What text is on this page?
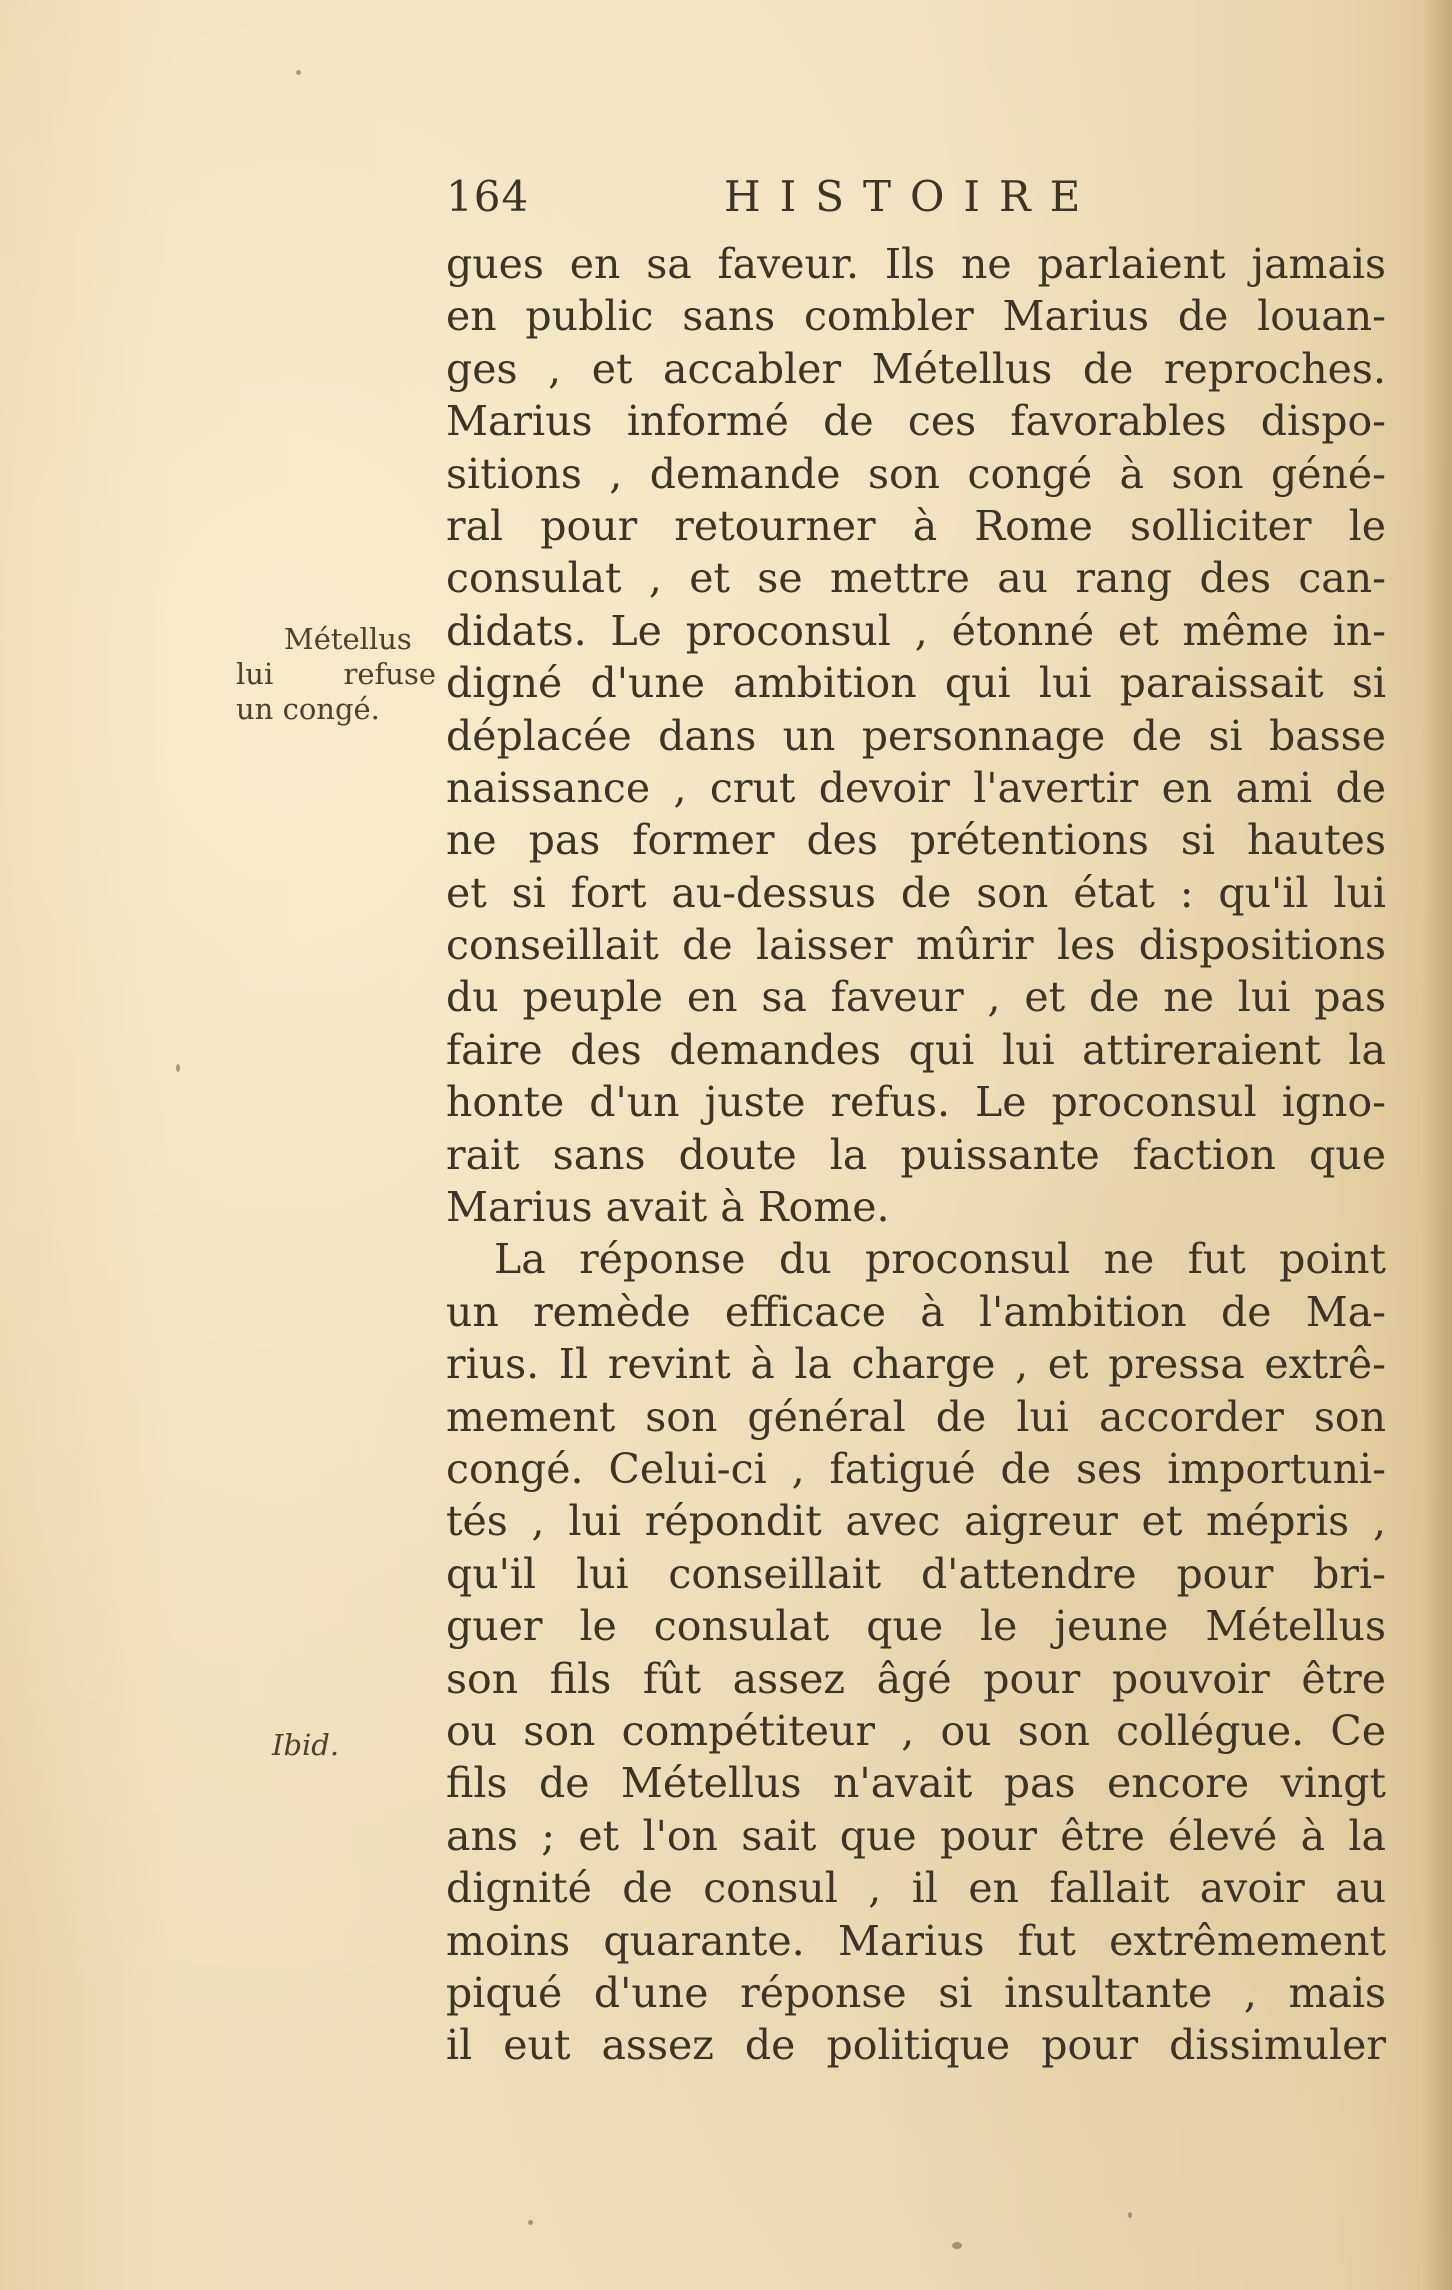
164	HISTOIRE
Métellus
lui refuse
un congé.
Ibid.
gues en sa faveur. Ils ne parlaient jamais
en public sans combler Marius de louan-
ges , et accabler Métellus de reproches.
Marius informé de ces favorables dispo-
sitions , demande son congé à son géné-
ral pour retourner à Rome solliciter le
consulat , et se mettre au rang des can-
didats. Le proconsul , étonné et même in-
digné d'une ambition qui lui paraissait si
déplacée dans un personnage de si basse
naissance , crut devoir l'avertir en ami de
ne pas former des prétentions si hautes
et si fort au-dessus de son état : qu'il lui
conseillait de laisser mûrir les dispositions
du peuple en sa faveur , et de ne lui pas
faire des demandes qui lui attireraient la
honte d'un juste refus. Le proconsul igno-
rait sans doute la puissante faction que
Marius avait à Rome.
La réponse du proconsul ne fut point
un remède efficace à l'ambition de Ma-
rius. Il revint à la charge , et pressa extrê-
mement son général de lui accorder son
congé. Celui-ci , fatigué de ses importuni-
tés , lui répondit avec aigreur et mépris ,
qu'il lui conseillait d'attendre pour bri-
guer le consulat que le jeune Métellus
son fils fût assez âgé pour pouvoir être
ou son compétiteur , ou son collégue. Ce
fils de Métellus n'avait pas encore vingt
ans ; et l'on sait que pour être élevé à la
dignité de consul , il en fallait avoir au
moins quarante. Marius fut extrêmement
piqué d'une réponse si insultante , mais
il eut assez de politique pour dissimuler
